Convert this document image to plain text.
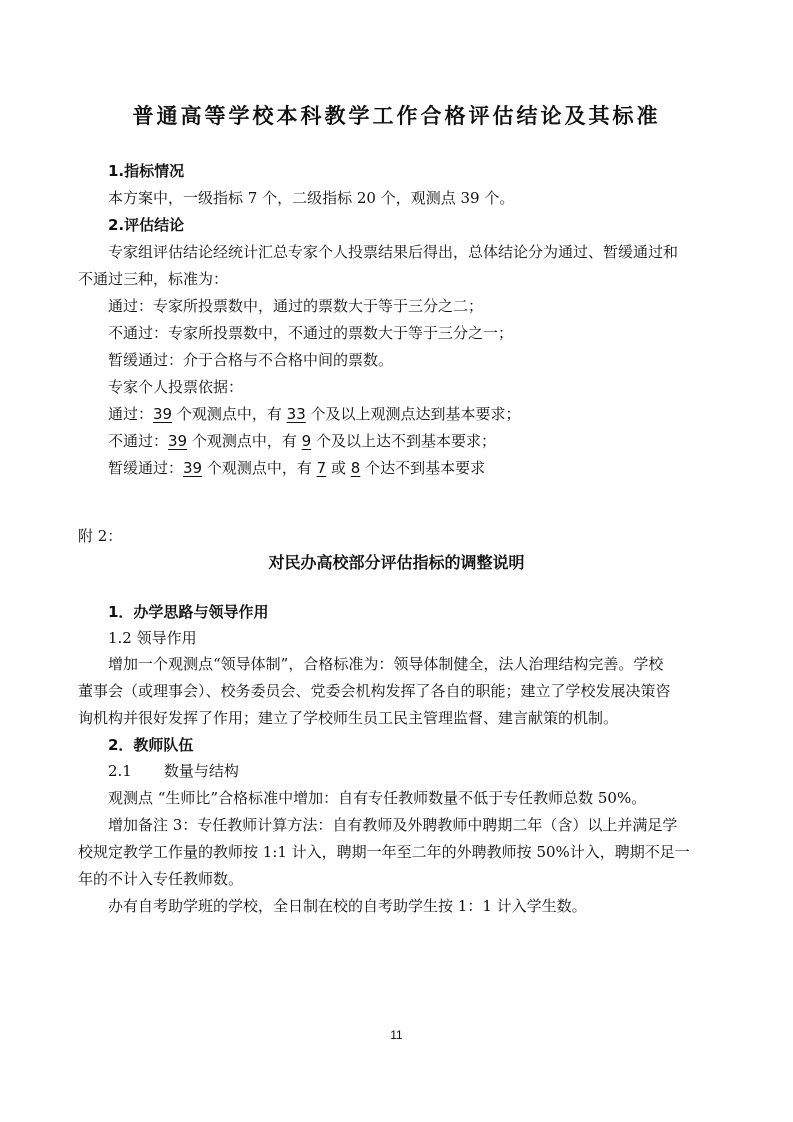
普通高等学校本科教学工作合格评估结论及其标准
1.指标情况
本方案中，一级指标 7 个，二级指标 20 个，观测点 39 个。
2.评估结论
专家组评估结论经统计汇总专家个人投票结果后得出，总体结论分为通过、暂缓通过和
不通过三种，标准为：
通过：专家所投票数中，通过的票数大于等于三分之二；
不通过：专家所投票数中，不通过的票数大于等于三分之一；
暂缓通过：介于合格与不合格中间的票数。
专家个人投票依据：
通过：39 个观测点中，有 33 个及以上观测点达到基本要求；
不通过：39 个观测点中，有 9 个及以上达不到基本要求；
暂缓通过：39 个观测点中，有 7 或 8 个达不到基本要求
附 2：
对民办高校部分评估指标的调整说明
1．办学思路与领导作用
1.2 领导作用
增加一个观测点“领导体制”，合格标准为：领导体制健全，法人治理结构完善。学校
董事会（或理事会）、校务委员会、党委会机构发挥了各自的职能；建立了学校发展决策咨
询机构并很好发挥了作用；建立了学校师生员工民主管理监督、建言献策的机制。
2．教师队伍
2.1 数量与结构
观测点 “生师比”合格标准中增加：自有专任教师数量不低于专任教师总数 50%。
增加备注 3：专任教师计算方法：自有教师及外聘教师中聘期二年（含）以上并满足学
校规定教学工作量的教师按 1:1 计入，聘期一年至二年的外聘教师按 50%计入，聘期不足一
年的不计入专任教师数。
办有自考助学班的学校，全日制在校的自考助学生按 1：1 计入学生数。
11
